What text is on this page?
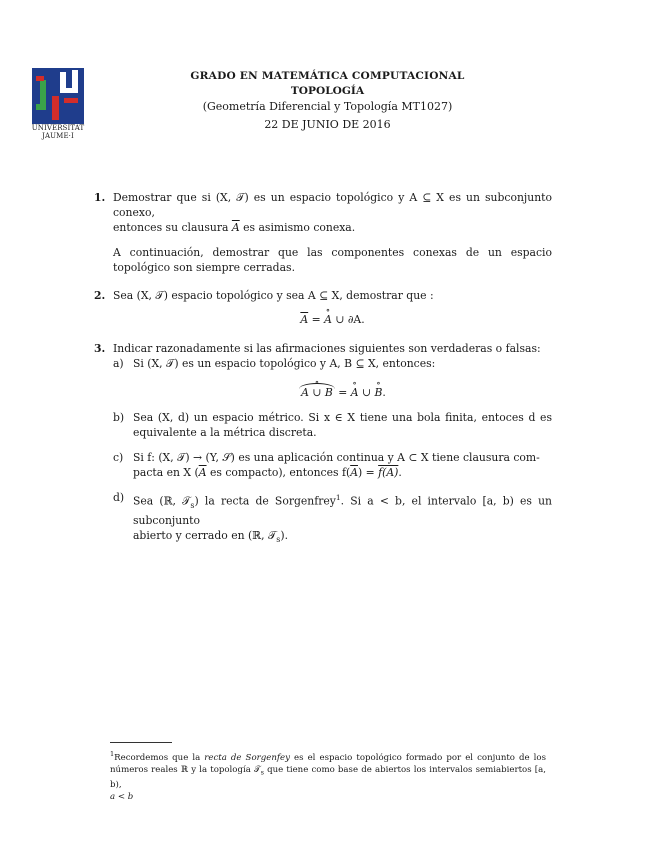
UNIVERSITAT
JAUME·I
GRADO EN MATEMÁTICA COMPUTACIONAL
TOPOLOGÍA
(Geometría Diferencial y Topología MT1027)
22 DE JUNIO DE 2016
1. Demostrar que si (X, 𝒯) es un espacio topológico y A ⊆ X es un subconjunto conexo,
entonces su clausura $\overline{A}$ es asimismo conexa.

A continuación, demostrar que las componentes conexas de un espacio topológico son siempre cerradas.

2. Sea (X, 𝒯) espacio topológico y sea A ⊆ X, demostrar que :

$\overline{A}$ = ∘ A ∪ ∂A.

3. Indicar razonadamente si las afirmaciones siguientes son verdaderas o falsas:

a) Si (X, 𝒯) es un espacio topológico y A, B ⊆ X, entonces:

∘ A ∪ B = ∘ A ∪ ∘ B.

b) Sea (X, d) un espacio métrico. Si x ∈ X tiene una bola finita, entoces d es equivalente a la métrica discreta.

c) Si f: (X, 𝒯) → (Y, 𝒮) es una aplicación continua y A ⊂ X tiene clausura com-
pacta en X ($\overline{A}$ es compacto), entonces $f(\overline{A}) = f(A)$.

d) Sea (ℝ, 𝒯$_s$) la recta de Sorgenfrey$^1$. Si a < b, el intervalo [a, b) es un subconjunto
abierto y cerrado en (ℝ, 𝒯$_s$).

$^1$Recordemos que la recta de Sorgenfey es el espacio topológico formado por el conjunto de los números reales ℝ y la topología 𝒯$_s$ que tiene como base de abiertos los intervalos semiabiertos [a, b),
a < b
